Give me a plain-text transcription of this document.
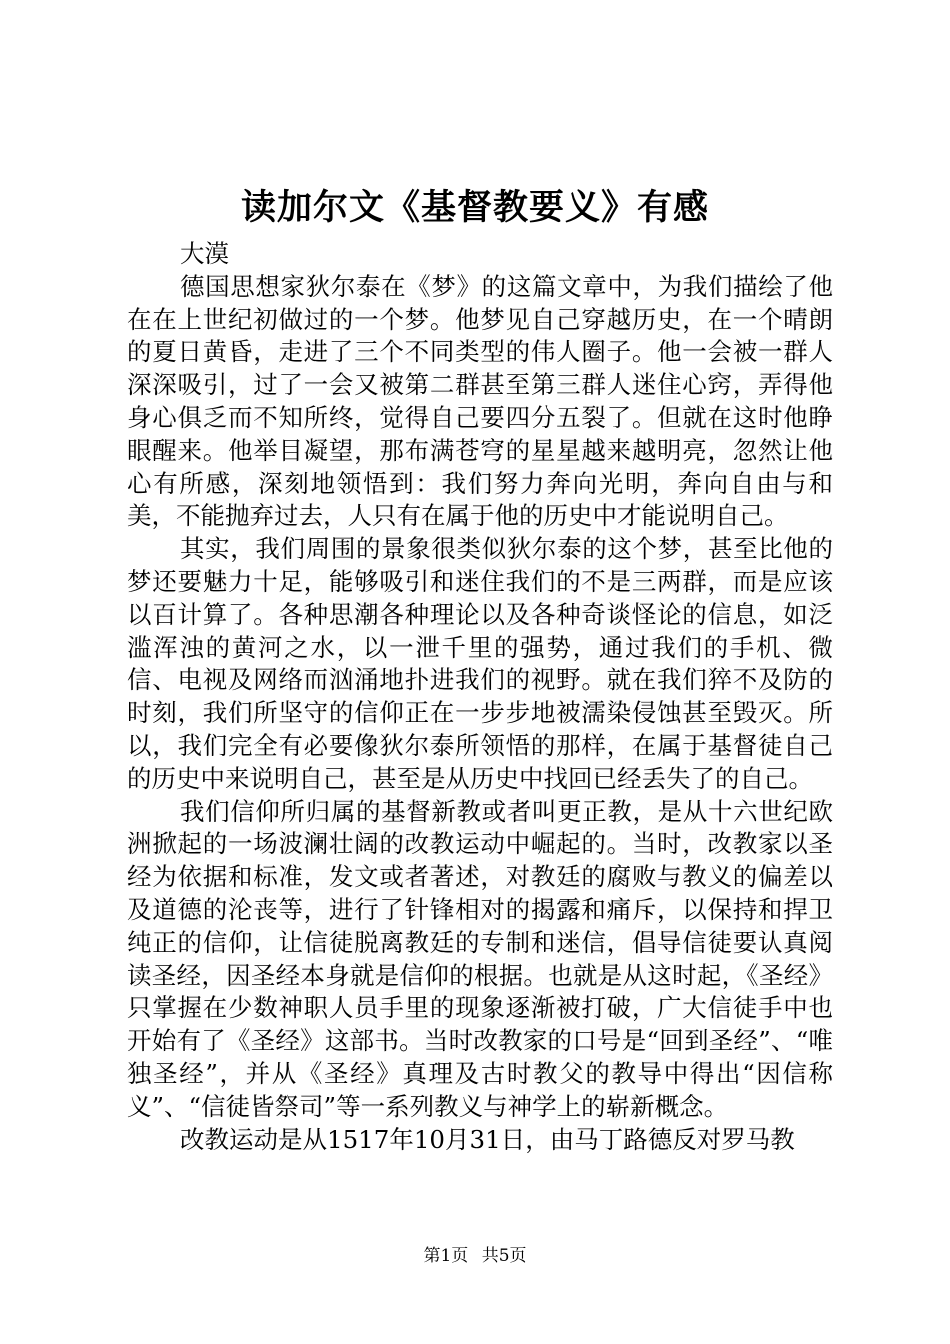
读加尔文《基督教要义》有感

大漠

德国思想家狄尔泰在《梦》的这篇文章中，为我们描绘了他在在上世纪初做过的一个梦。他梦见自己穿越历史，在一个晴朗的夏日黄昏，走进了三个不同类型的伟人圈子。他一会被一群人深深吸引，过了一会又被第二群甚至第三群人迷住心窍，弄得他身心俱乏而不知所终，觉得自己要四分五裂了。但就在这时他睁眼醒来。他举目凝望，那布满苍穹的星星越来越明亮，忽然让他心有所感，深刻地领悟到：我们努力奔向光明，奔向自由与和美，不能抛弃过去，人只有在属于他的历史中才能说明自己。

其实，我们周围的景象很类似狄尔泰的这个梦，甚至比他的梦还要魅力十足，能够吸引和迷住我们的不是三两群，而是应该以百计算了。各种思潮各种理论以及各种奇谈怪论的信息，如泛滥浑浊的黄河之水，以一泄千里的强势，通过我们的手机、微信、电视及网络而汹涌地扑进我们的视野。就在我们猝不及防的时刻，我们所坚守的信仰正在一步步地被濡染侵蚀甚至毁灭。所以，我们完全有必要像狄尔泰所领悟的那样，在属于基督徒自己的历史中来说明自己，甚至是从历史中找回已经丢失了的自己。

我们信仰所归属的基督新教或者叫更正教，是从十六世纪欧洲掀起的一场波澜壮阔的改教运动中崛起的。当时，改教家以圣经为依据和标准，发文或者著述，对教廷的腐败与教义的偏差以及道德的沦丧等，进行了针锋相对的揭露和痛斥，以保持和捍卫纯正的信仰，让信徒脱离教廷的专制和迷信，倡导信徒要认真阅读圣经，因圣经本身就是信仰的根据。也就是从这时起，《圣经》只掌握在少数神职人员手里的现象逐渐被打破，广大信徒手中也开始有了《圣经》这部书。当时改教家的口号是“回到圣经”、“唯独圣经”，并从《圣经》真理及古时教父的教导中得出“因信称义”、“信徒皆祭司”等一系列教义与神学上的崭新概念。

改教运动是从1517年10月31日，由马丁路德反对罗马教

第1页 共5页
